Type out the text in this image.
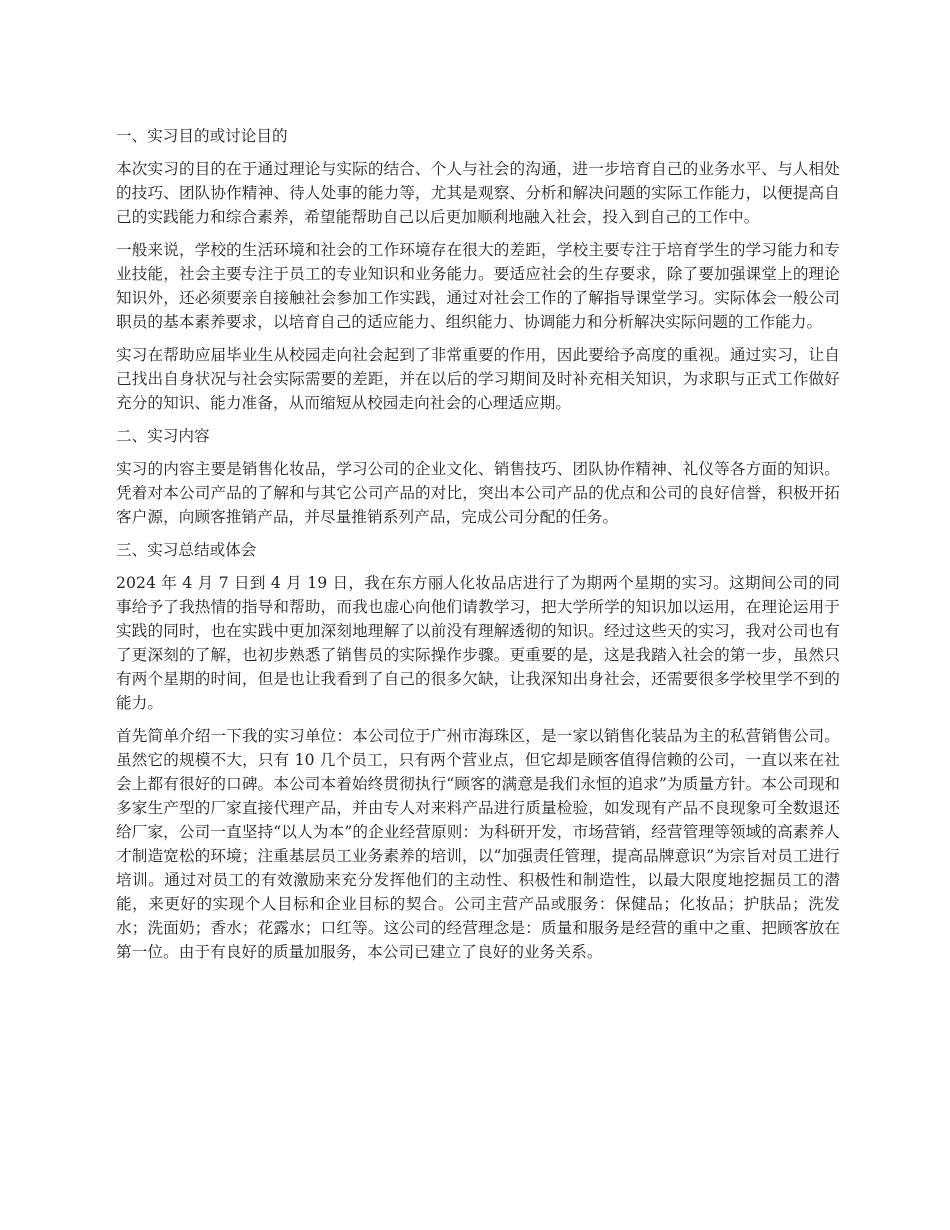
一、实习目的或讨论目的

本次实习的目的在于通过理论与实际的结合、个人与社会的沟通，进一步培育自己的业务水平、与人相处的技巧、团队协作精神、待人处事的能力等，尤其是观察、分析和解决问题的实际工作能力，以便提高自己的实践能力和综合素养，希望能帮助自己以后更加顺利地融入社会，投入到自己的工作中。

一般来说，学校的生活环境和社会的工作环境存在很大的差距，学校主要专注于培育学生的学习能力和专业技能，社会主要专注于员工的专业知识和业务能力。要适应社会的生存要求，除了要加强课堂上的理论知识外，还必须要亲自接触社会参加工作实践，通过对社会工作的了解指导课堂学习。实际体会一般公司职员的基本素养要求，以培育自己的适应能力、组织能力、协调能力和分析解决实际问题的工作能力。

实习在帮助应届毕业生从校园走向社会起到了非常重要的作用，因此要给予高度的重视。通过实习，让自己找出自身状况与社会实际需要的差距，并在以后的学习期间及时补充相关知识，为求职与正式工作做好充分的知识、能力准备，从而缩短从校园走向社会的心理适应期。

二、实习内容

实习的内容主要是销售化妆品，学习公司的企业文化、销售技巧、团队协作精神、礼仪等各方面的知识。凭着对本公司产品的了解和与其它公司产品的对比，突出本公司产品的优点和公司的良好信誉，积极开拓客户源，向顾客推销产品，并尽量推销系列产品，完成公司分配的任务。

三、实习总结或体会

2024 年 4 月 7 日到 4 月 19 日，我在东方丽人化妆品店进行了为期两个星期的实习。这期间公司的同事给予了我热情的指导和帮助，而我也虚心向他们请教学习，把大学所学的知识加以运用，在理论运用于实践的同时，也在实践中更加深刻地理解了以前没有理解透彻的知识。经过这些天的实习，我对公司也有了更深刻的了解，也初步熟悉了销售员的实际操作步骤。更重要的是，这是我踏入社会的第一步，虽然只有两个星期的时间，但是也让我看到了自己的很多欠缺，让我深知出身社会，还需要很多学校里学不到的能力。

首先简单介绍一下我的实习单位：本公司位于广州市海珠区，是一家以销售化装品为主的私营销售公司。虽然它的规模不大，只有 10 几个员工，只有两个营业点，但它却是顾客值得信赖的公司，一直以来在社会上都有很好的口碑。本公司本着始终贯彻执行“顾客的满意是我们永恒的追求”为质量方针。本公司现和多家生产型的厂家直接代理产品，并由专人对来料产品进行质量检验，如发现有产品不良现象可全数退还给厂家，公司一直坚持“以人为本”的企业经营原则：为科研开发，市场营销，经营管理等领域的高素养人才制造宽松的环境；注重基层员工业务素养的培训，以“加强责任管理，提高品牌意识”为宗旨对员工进行培训。通过对员工的有效激励来充分发挥他们的主动性、积极性和制造性，以最大限度地挖掘员工的潜能，来更好的实现个人目标和企业目标的契合。公司主营产品或服务：保健品；化妆品；护肤品；洗发水；洗面奶；香水；花露水；口红等。这公司的经营理念是：质量和服务是经营的重中之重、把顾客放在第一位。由于有良好的质量加服务，本公司已建立了良好的业务关系。
